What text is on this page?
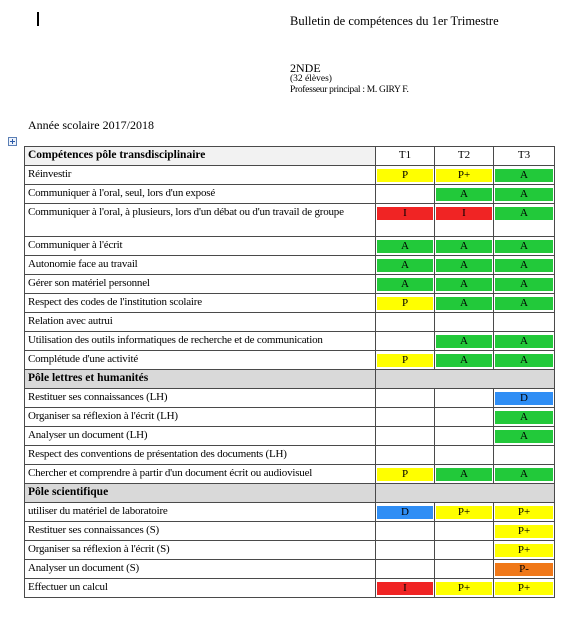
Bulletin de compétences du 1er Trimestre
2NDE
(32 élèves)
Professeur principal : M. GIRY F.
Année scolaire 2017/2018
Compétences pôle transdisciplinaire	T1	T2	T3
Réinvestir	P	P+	A

Communiquer à l'oral, seul, lors d'un exposé		A	A

Communiquer à l'oral, à plusieurs, lors d'un débat ou d'un travail de groupe	I	I	A

Communiquer à l'écrit	A	A	A

Autonomie face au travail	A	A	A

Gérer son matériel personnel	A	A	A

Respect des codes de l'institution scolaire	P	A	A

Relation avec autrui			
Utilisation des outils informatiques de recherche et de communication		A	A

Complétude d'une activité	P	A	A

Pôle lettres et humanités			
Restituer ses connaissances (LH)			D

Organiser sa réflexion à l'écrit (LH)			A

Analyser un document (LH)			A

Respect des conventions de présentation des documents (LH)			
Chercher et comprendre à partir d'un document écrit ou audiovisuel	P	A	A

Pôle scientifique			
utiliser du matériel de laboratoire	D	P+	P+

Restituer ses connaissances (S)			P+

Organiser sa réflexion à l'écrit (S)			P+

Analyser un document (S)			P-

Effectuer un calcul	I	P+	P+
